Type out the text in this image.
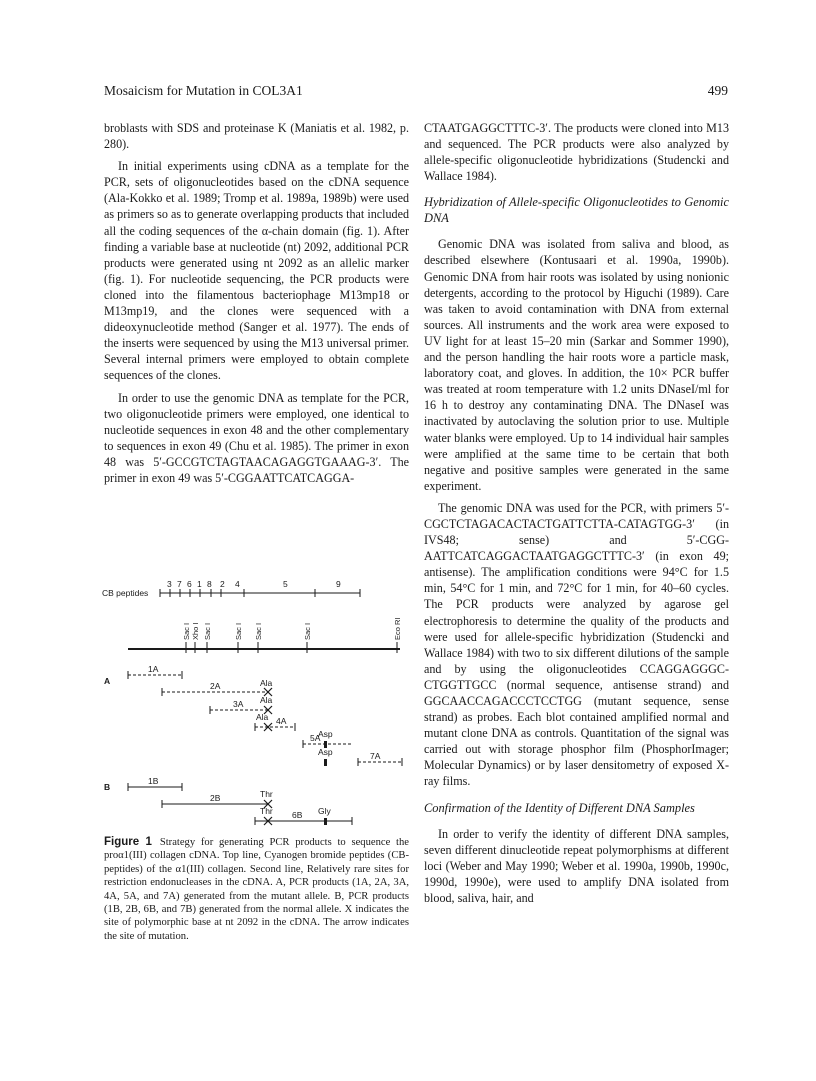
Mosaicism for Mutation in COL3A1	499

broblasts with SDS and proteinase K (Maniatis et al. 1982, p. 280).

In initial experiments using cDNA as a template for the PCR, sets of oligonucleotides based on the cDNA sequence (Ala-Kokko et al. 1989; Tromp et al. 1989a, 1989b) were used as primers so as to generate overlapping products that included all the coding sequences of the α-chain domain (fig. 1). After finding a variable base at nucleotide (nt) 2092, additional PCR products were generated using nt 2092 as an allelic marker (fig. 1). For nucleotide sequencing, the PCR products were cloned into the filamentous bacteriophage M13mp18 or M13mp19, and the clones were sequenced with a dideoxynucleotide method (Sanger et al. 1977). The ends of the inserts were sequenced by using the M13 universal primer. Several internal primers were employed to obtain complete sequences of the clones.

In order to use the genomic DNA as template for the PCR, two oligonucleotide primers were employed, one identical to nucleotide sequences in exon 48 and the other complementary to sequences in exon 49 (Chu et al. 1985). The primer in exon 48 was 5′-GCCGTCTAGTAACAGAGGTGAAAG-3′. The primer in exon 49 was 5′-CGGAATTCATCAGGA-

CB peptides
3 7 6 1 8 2 4	5	9
Sac I Xho I Sac I	Sac I Sac I	Sac I	Eco RI
A
B
1A
2A	Ala
3A Ala
4A
Ala
5A
Asp
7A
Asp
1B
2B	Thr
6B
Thr	Gly
Figure 1 Strategy for generating PCR products to sequence the proα1(III) collagen cDNA. Top line, Cyanogen bromide peptides (CB-peptides) of the α1(III) collagen. Second line, Relatively rare sites for restriction endonucleases in the cDNA. A, PCR products (1A, 2A, 3A, 4A, 5A, and 7A) generated from the mutant allele. B, PCR products (1B, 2B, 6B, and 7B) generated from the normal allele. X indicates the site of polymorphic base at nt 2092 in the cDNA. The arrow indicates the site of mutation.

CTAATGAGGCTTTC-3′. The products were cloned into M13 and sequenced. The PCR products were also analyzed by allele-specific oligonucleotide hybridizations (Studencki and Wallace 1984).

Hybridization of Allele-specific Oligonucleotides to Genomic DNA

Genomic DNA was isolated from saliva and blood, as described elsewhere (Kontusaari et al. 1990a, 1990b). Genomic DNA from hair roots was isolated by using nonionic detergents, according to the protocol by Higuchi (1989). Care was taken to avoid contamination with DNA from external sources. All instruments and the work area were exposed to UV light for at least 15–20 min (Sarkar and Sommer 1990), and the person handling the hair roots wore a particle mask, laboratory coat, and gloves. In addition, the 10× PCR buffer was treated at room temperature with 1.2 units DNaseI/ml for 16 h to destroy any contaminating DNA. The DNaseI was inactivated by autoclaving the solution prior to use. Multiple water blanks were employed. Up to 14 individual hair samples were amplified at the same time to be certain that both negative and positive samples were generated in the same experiment.

The genomic DNA was used for the PCR, with primers 5′-CGCTCTAGACACTACTGATTCTTA-CATAGTGG-3′ (in IVS48; sense) and 5′-CGG-AATTCATCAGGACTAATGAGGCTTTC-3′ (in exon 49; antisense). The amplification conditions were 94°C for 1.5 min, 54°C for 1 min, and 72°C for 1 min, for 40–60 cycles. The PCR products were analyzed by agarose gel electrophoresis to determine the quality of the products and were used for allele-specific hybridization (Studencki and Wallace 1984) with two to six different dilutions of the sample and by using the oligonucleotides CCAGGAGGGC-CTGGTTGCC (normal sequence, antisense strand) and GGCAACCAGACCCTCCTGG (mutant sequence, sense strand) as probes. Each blot contained amplified normal and mutant clone DNA as controls. Quantitation of the signal was carried out with storage phosphor film (PhosphorImager; Molecular Dynamics) or by laser densitometry of exposed X-ray films.

Confirmation of the Identity of Different DNA Samples

In order to verify the identity of different DNA samples, seven different dinucleotide repeat polymorphisms at different loci (Weber and May 1990; Weber et al. 1990a, 1990b, 1990c, 1990d, 1990e), were used to amplify DNA isolated from blood, saliva, hair, and
